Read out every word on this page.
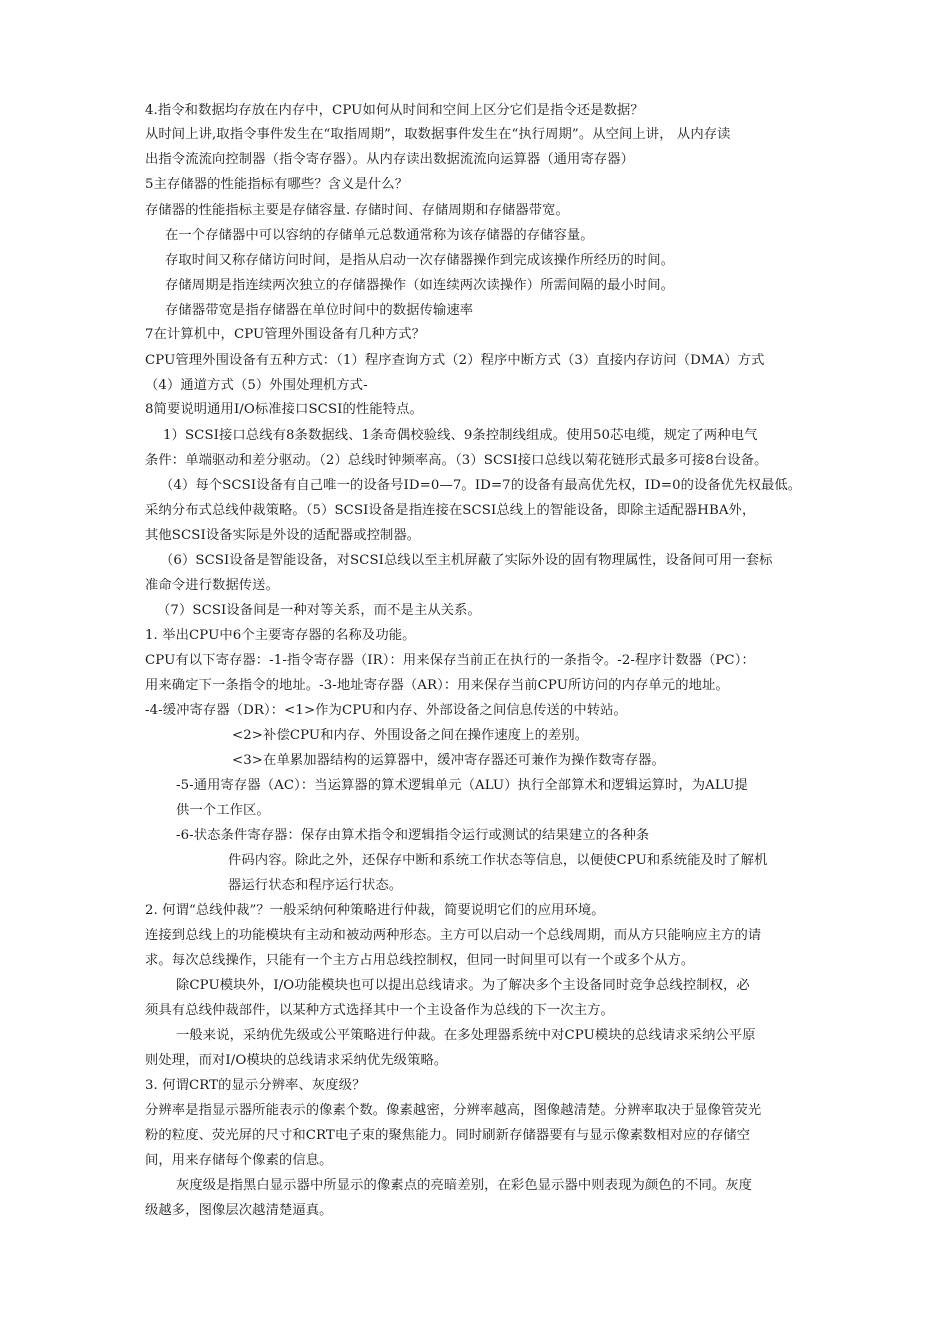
4.指令和数据均存放在内存中，CPU如何从时间和空间上区分它们是指令还是数据？
从时间上讲,取指令事件发生在“取指周期”，取数据事件发生在“执行周期”。从空间上讲， 从内存读
出指令流流向控制器（指令寄存器）。从内存读出数据流流向运算器（通用寄存器）
5主存储器的性能指标有哪些？含义是什么？
存储器的性能指标主要是存储容量. 存储时间、存储周期和存储器带宽。
在一个存储器中可以容纳的存储单元总数通常称为该存储器的存储容量。
存取时间又称存储访问时间，是指从启动一次存储器操作到完成该操作所经历的时间。
存储周期是指连续两次独立的存储器操作（如连续两次读操作）所需间隔的最小时间。
存储器带宽是指存储器在单位时间中的数据传输速率
7在计算机中，CPU管理外围设备有几种方式？
CPU管理外围设备有五种方式：（1）程序查询方式（2）程序中断方式（3）直接内存访问（DMA）方式
（4）通道方式（5）外围处理机方式-
8简要说明通用I/O标准接口SCSI的性能特点。
1）SCSI接口总线有8条数据线、1条奇偶校验线、9条控制线组成。使用50芯电缆，规定了两种电气
条件：单端驱动和差分驱动。（2）总线时钟频率高。（3）SCSI接口总线以菊花链形式最多可接8台设备。
（4）每个SCSI设备有自己唯一的设备号ID=0—7。ID=7的设备有最高优先权，ID=0的设备优先权最低。
采纳分布式总线仲裁策略。（5）SCSI设备是指连接在SCSI总线上的智能设备，即除主适配器HBA外，
其他SCSI设备实际是外设的适配器或控制器。
（6）SCSI设备是智能设备，对SCSI总线以至主机屏蔽了实际外设的固有物理属性，设备间可用一套标
准命令进行数据传送。
（7）SCSI设备间是一种对等关系，而不是主从关系。
1. 举出CPU中6个主要寄存器的名称及功能。
CPU有以下寄存器：-1-指令寄存器（IR）：用来保存当前正在执行的一条指令。-2-程序计数器（PC）：
用来确定下一条指令的地址。-3-地址寄存器（AR）：用来保存当前CPU所访问的内存单元的地址。
-4-缓冲寄存器（DR）：<1>作为CPU和内存、外部设备之间信息传送的中转站。
<2>补偿CPU和内存、外围设备之间在操作速度上的差别。
<3>在单累加器结构的运算器中，缓冲寄存器还可兼作为操作数寄存器。
-5-通用寄存器（AC）：当运算器的算术逻辑单元（ALU）执行全部算术和逻辑运算时，为ALU提
供一个工作区。
-6-状态条件寄存器：保存由算术指令和逻辑指令运行或测试的结果建立的各种条
件码内容。除此之外，还保存中断和系统工作状态等信息，以便使CPU和系统能及时了解机
器运行状态和程序运行状态。
2. 何谓“总线仲裁”？一般采纳何种策略进行仲裁，简要说明它们的应用环境。
连接到总线上的功能模块有主动和被动两种形态。主方可以启动一个总线周期，而从方只能响应主方的请
求。每次总线操作，只能有一个主方占用总线控制权，但同一时间里可以有一个或多个从方。
除CPU模块外，I/O功能模块也可以提出总线请求。为了解决多个主设备同时竞争总线控制权，必
须具有总线仲裁部件，以某种方式选择其中一个主设备作为总线的下一次主方。
一般来说，采纳优先级或公平策略进行仲裁。在多处理器系统中对CPU模块的总线请求采纳公平原
则处理，而对I/O模块的总线请求采纳优先级策略。
3. 何谓CRT的显示分辨率、灰度级？
分辨率是指显示器所能表示的像素个数。像素越密，分辨率越高，图像越清楚。分辨率取决于显像管荧光
粉的粒度、荧光屏的尺寸和CRT电子束的聚焦能力。同时刷新存储器要有与显示像素数相对应的存储空
间，用来存储每个像素的信息。
灰度级是指黑白显示器中所显示的像素点的亮暗差别，在彩色显示器中则表现为颜色的不同。灰度
级越多，图像层次越清楚逼真。
